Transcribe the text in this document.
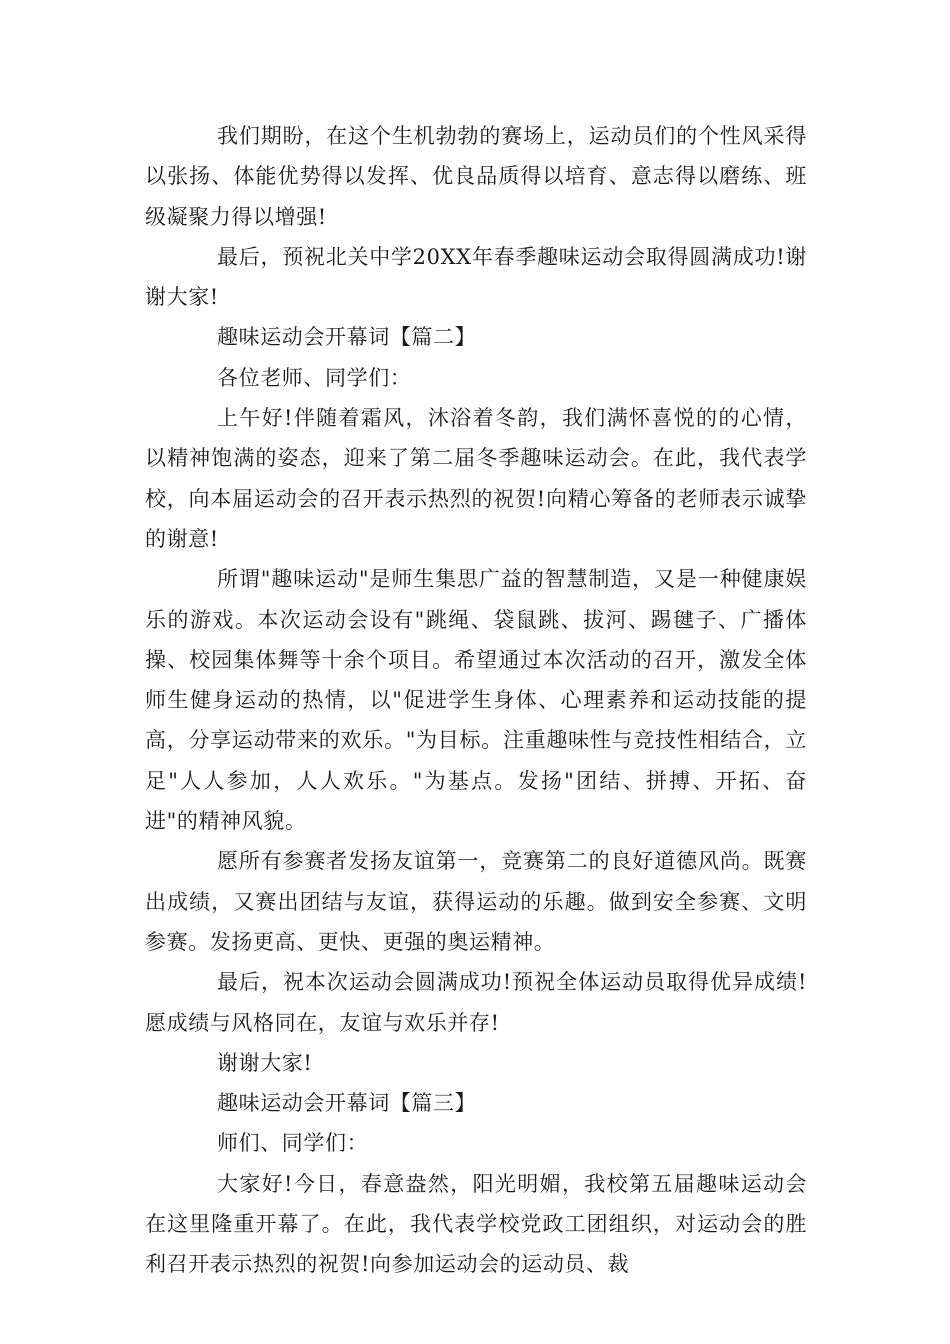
我们期盼，在这个生机勃勃的赛场上，运动员们的个性风采得以张扬、体能优势得以发挥、优良品质得以培育、意志得以磨练、班级凝聚力得以增强!

最后，预祝北关中学20XX年春季趣味运动会取得圆满成功!谢谢大家!

趣味运动会开幕词【篇二】

各位老师、同学们：

上午好!伴随着霜风，沐浴着冬韵，我们满怀喜悦的的心情，以精神饱满的姿态，迎来了第二届冬季趣味运动会。在此，我代表学校，向本届运动会的召开表示热烈的祝贺!向精心筹备的老师表示诚挚的谢意!

所谓"趣味运动"是师生集思广益的智慧制造，又是一种健康娱乐的游戏。本次运动会设有"跳绳、袋鼠跳、拔河、踢毽子、广播体操、校园集体舞等十余个项目。希望通过本次活动的召开，激发全体师生健身运动的热情，以"促进学生身体、心理素养和运动技能的提高，分享运动带来的欢乐。"为目标。注重趣味性与竞技性相结合，立足"人人参加，人人欢乐。"为基点。发扬"团结、拼搏、开拓、奋进"的精神风貌。

愿所有参赛者发扬友谊第一，竞赛第二的良好道德风尚。既赛出成绩，又赛出团结与友谊，获得运动的乐趣。做到安全参赛、文明参赛。发扬更高、更快、更强的奥运精神。

最后，祝本次运动会圆满成功!预祝全体运动员取得优异成绩!愿成绩与风格同在，友谊与欢乐并存!

谢谢大家!

趣味运动会开幕词【篇三】

师们、同学们：

大家好!今日，春意盎然，阳光明媚，我校第五届趣味运动会在这里隆重开幕了。在此，我代表学校党政工团组织，对运动会的胜利召开表示热烈的祝贺!向参加运动会的运动员、裁
